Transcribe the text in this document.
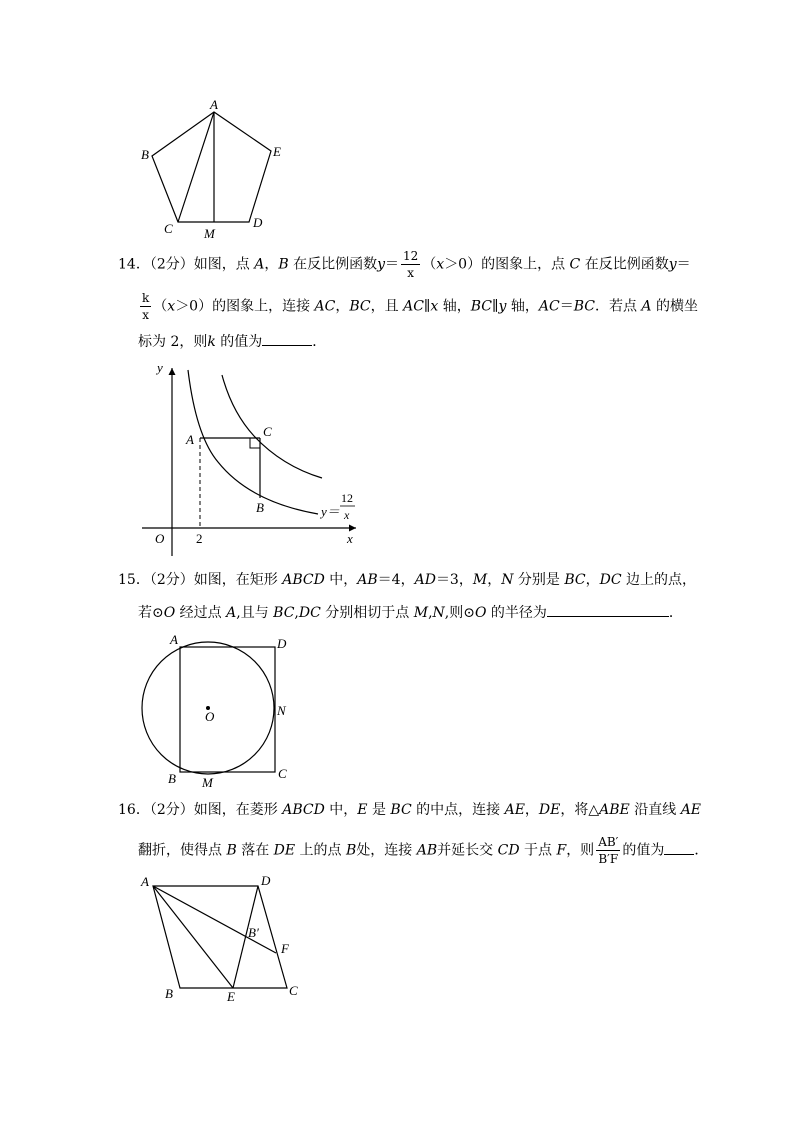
A
B	E
C	D
M
14．（2分）如图，点 A，B 在反比例函数$y= \frac{12}{x} (x>0)$的图象上，点 C 在反比例函数y＝
$\frac{k}{x} (x>0)$的图象上，连接 AC，BC，且 AC∥x 轴，BC∥y 轴，AC＝BC．若点 A 的横坐
标为 2，则k 的值为	．
y
A
C
B
O 2	x
y＝
12
x
15．（2分）如图，在矩形 ABCD 中，AB＝4，AD＝3，M，N 分别是 BC，DC 边上的点，
若⊙O 经过点 A,且与 BC,DC 分别相切于点 M,N,则⊙O 的半径为	．
A	D
O	N
B M
C
16．（2分）如图，在菱形 ABCD 中，E 是 BC 的中点，连接 AE，DE，将△ABE 沿直线 AE
翻折，使得点 B 落在 DE 上的点 B处，连接 AB并延长交 CD 于点 F，则 $\frac{AB'}{B'F}$ 的值为 ．
A	D
B′
F
B	E	C
